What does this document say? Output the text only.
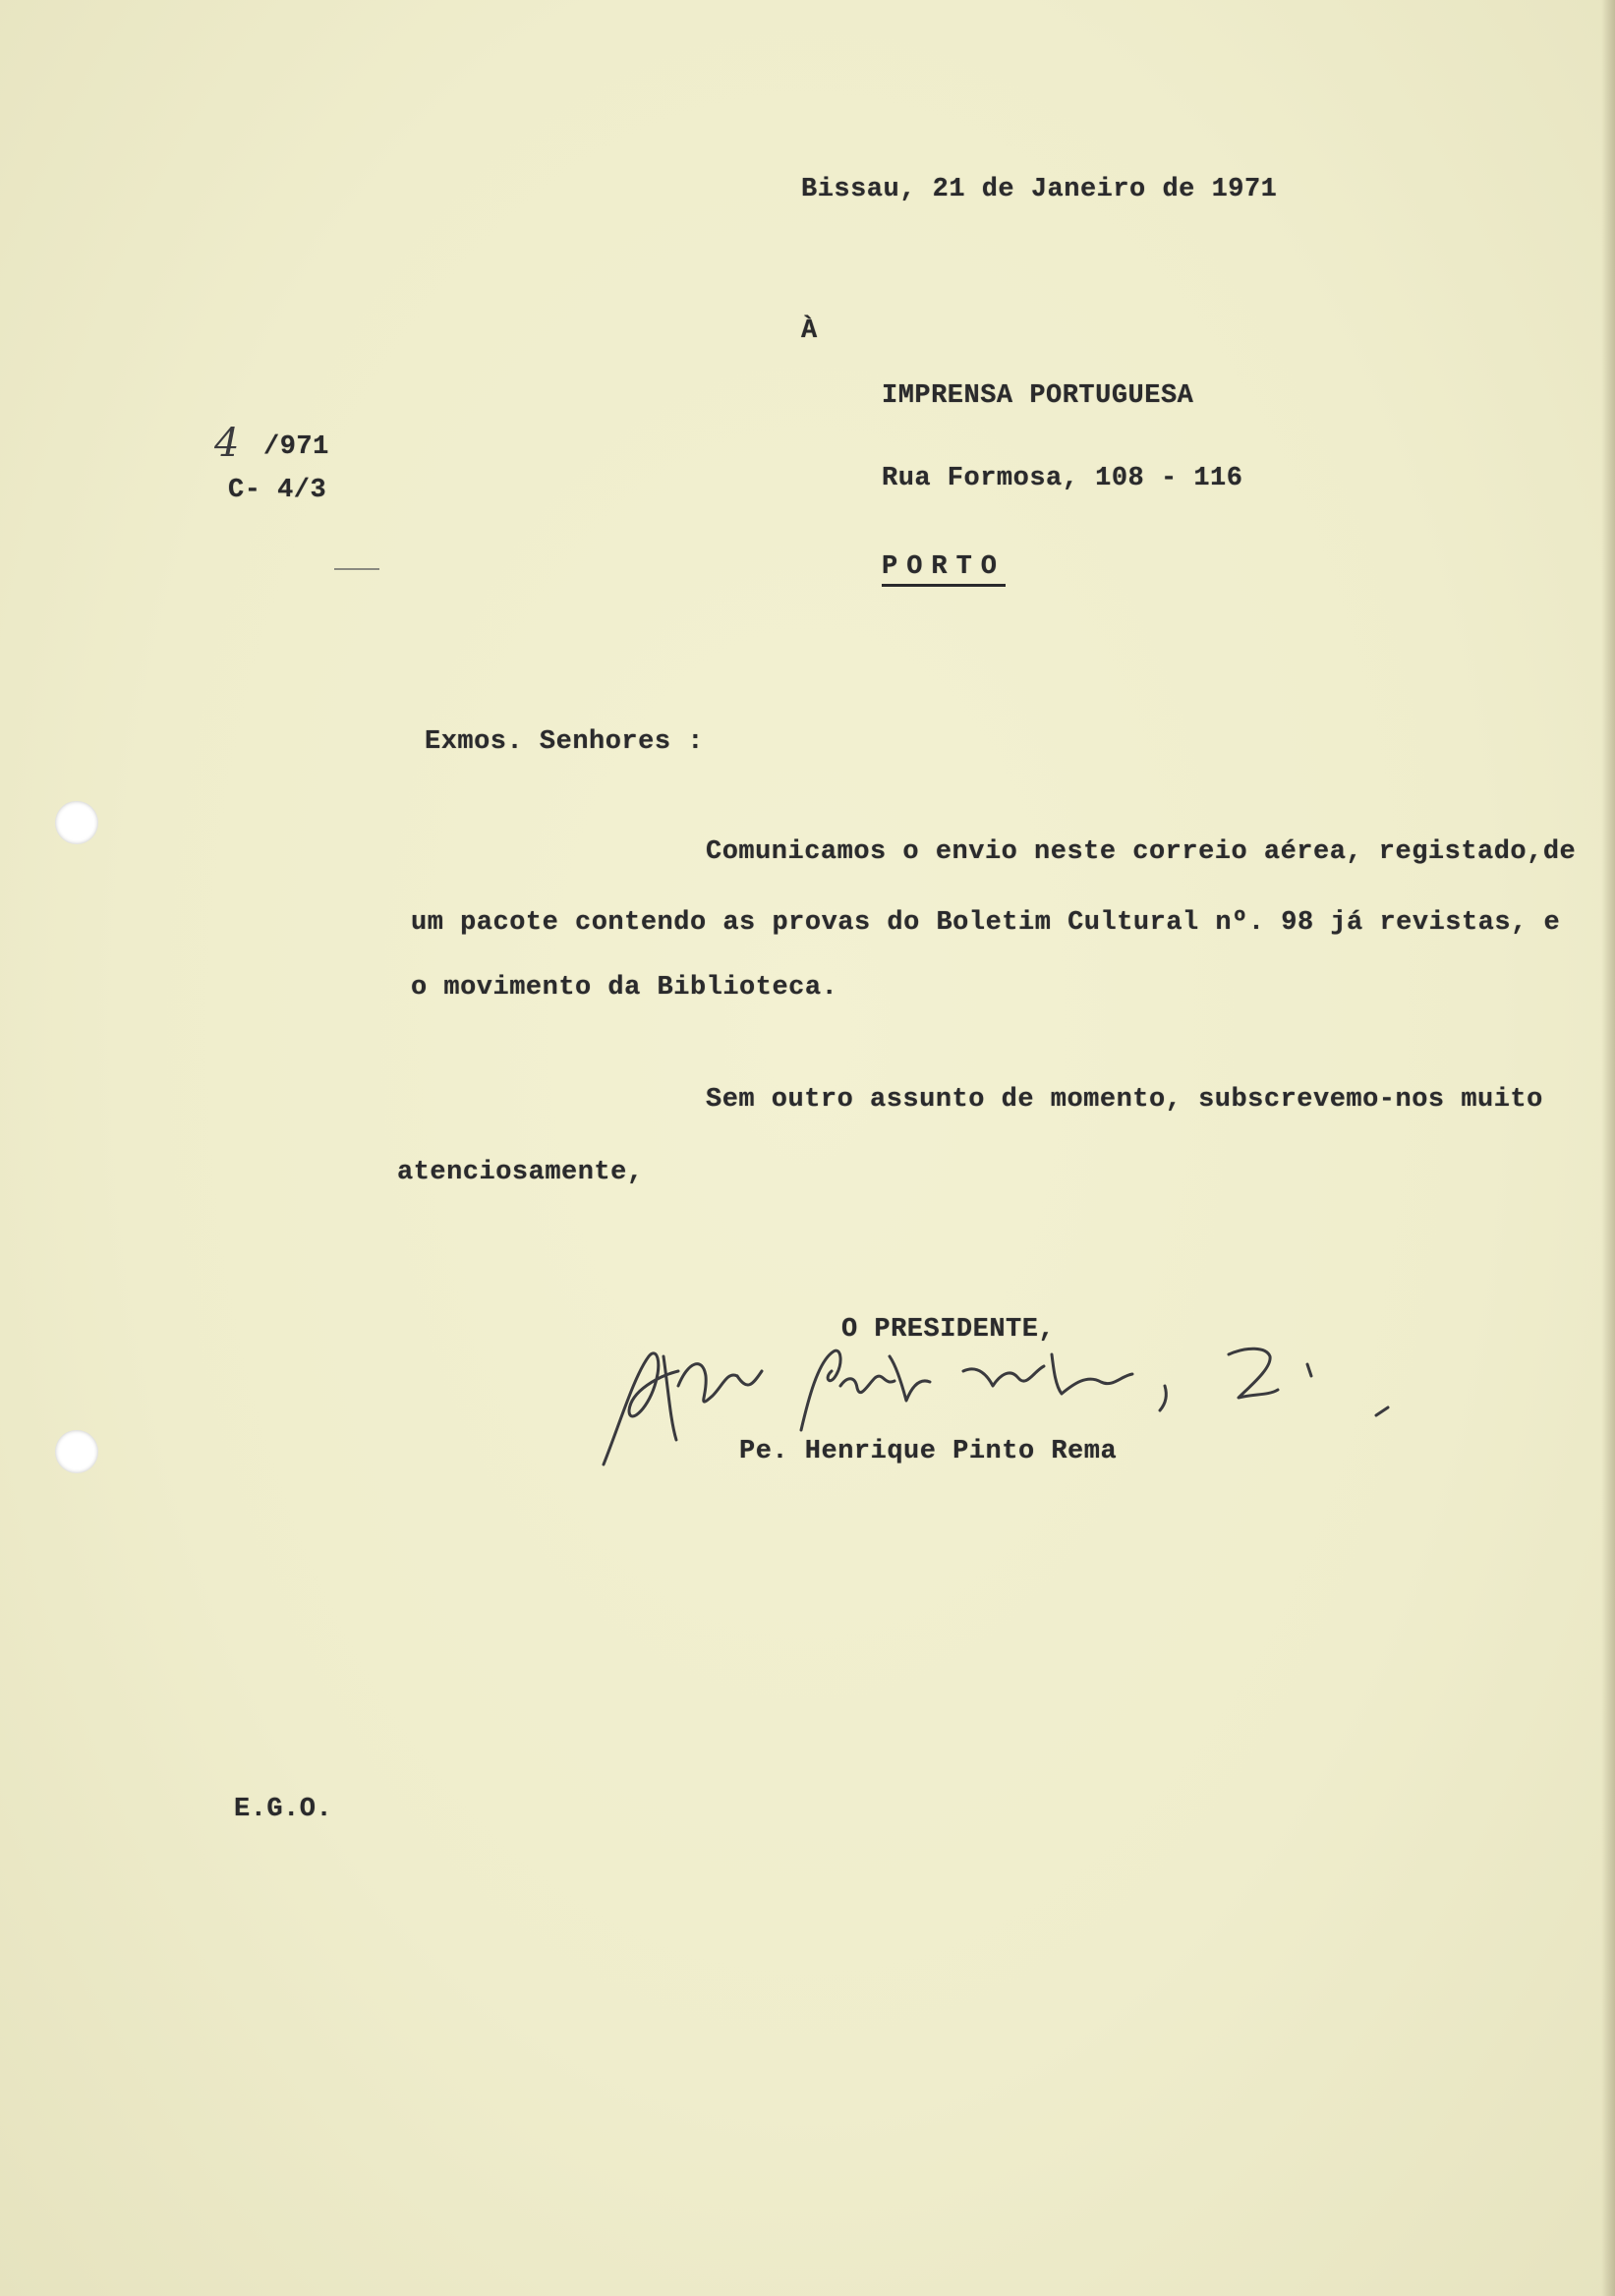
Bissau, 21 de Janeiro de 1971
À
IMPRENSA PORTUGUESA
Rua Formosa, 108 - 116
PORTO
4 /971
C- 4/3
Exmos. Senhores :
Comunicamos o envio neste correio aérea, registado,de
um pacote contendo as provas do Boletim Cultural nº. 98 já revistas, e
o movimento da Biblioteca.
Sem outro assunto de momento, subscrevemo-nos muito
atenciosamente,
O PRESIDENTE,
Pe. Henrique Pinto Rema
E.G.O.
